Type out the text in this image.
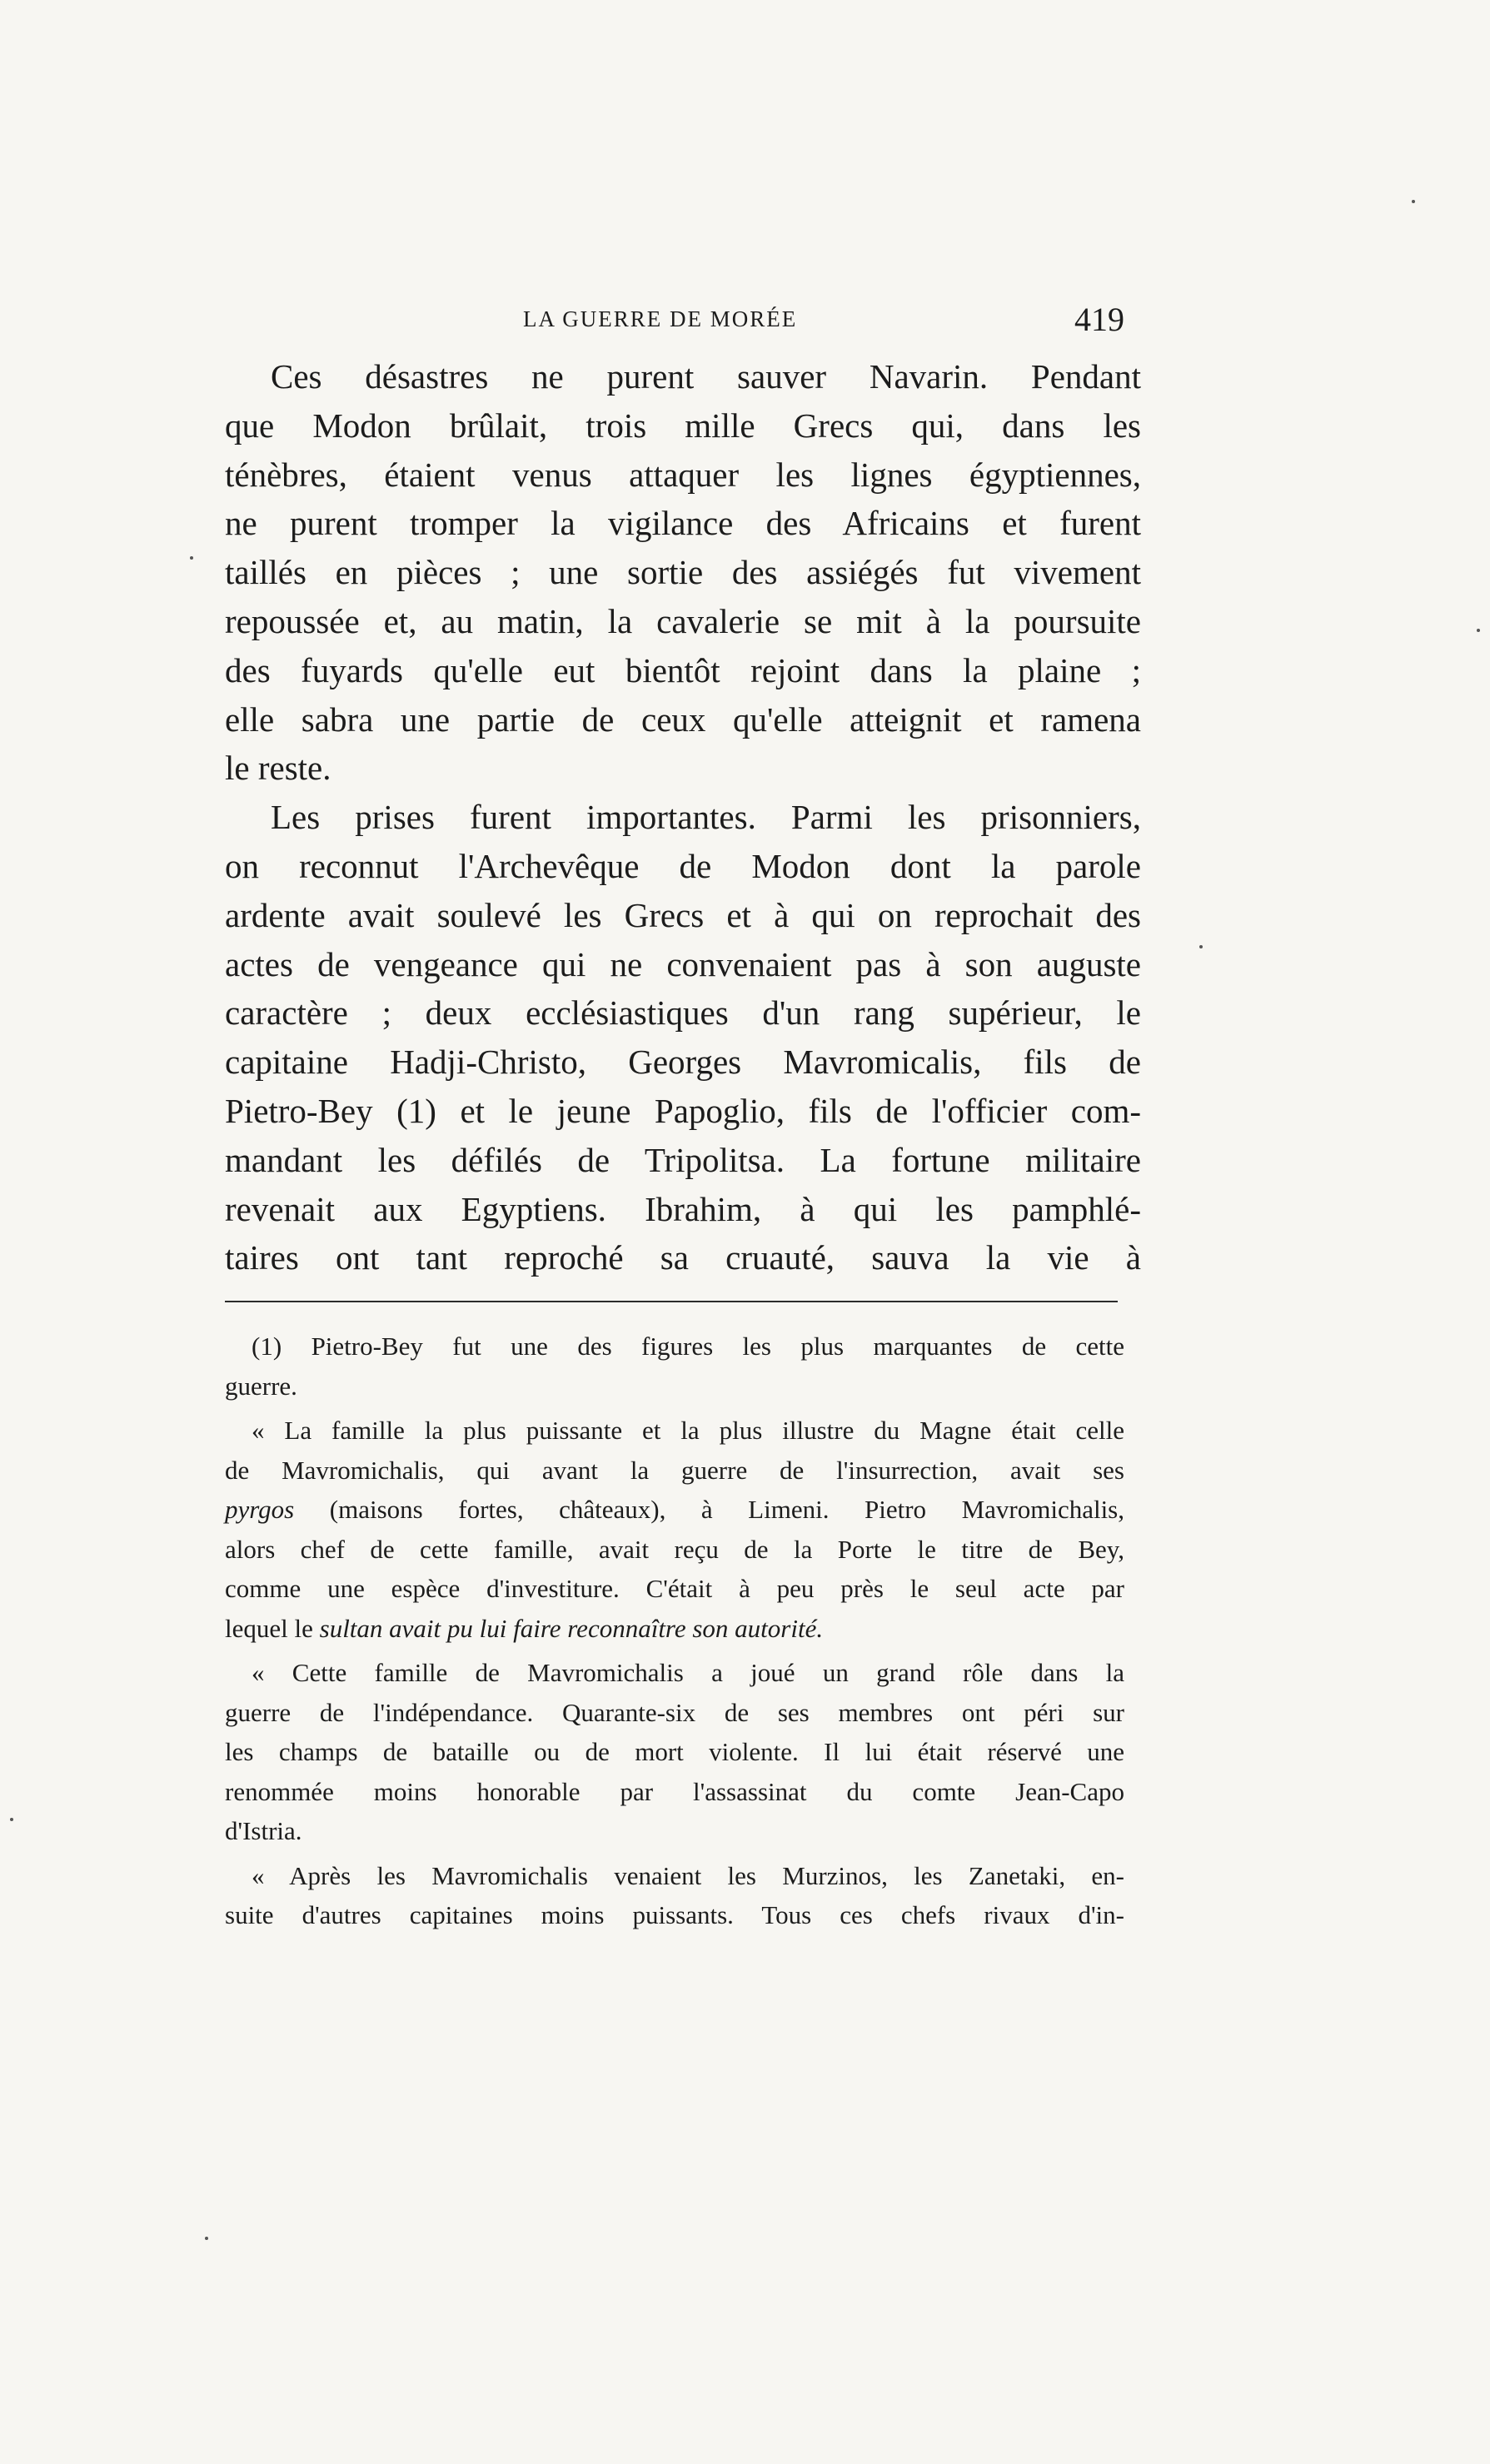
LA GUERRE DE MORÉE	419
Ces désastres ne purent sauver Navarin. Pendant
que Modon brûlait, trois mille Grecs qui, dans les
ténèbres, étaient venus attaquer les lignes égyptiennes,
ne purent tromper la vigilance des Africains et furent
taillés en pièces ; une sortie des assiégés fut vivement
repoussée et, au matin, la cavalerie se mit à la poursuite
des fuyards qu'elle eut bientôt rejoint dans la plaine ;
elle sabra une partie de ceux qu'elle atteignit et ramena
le reste.
Les prises furent importantes. Parmi les prisonniers,
on reconnut l'Archevêque de Modon dont la parole
ardente avait soulevé les Grecs et à qui on reprochait des
actes de vengeance qui ne convenaient pas à son auguste
caractère ; deux ecclésiastiques d'un rang supérieur, le
capitaine Hadji-Christo, Georges Mavromicalis, fils de
Pietro-Bey (1) et le jeune Papoglio, fils de l'officier com-
mandant les défilés de Tripolitsa. La fortune militaire
revenait aux Egyptiens. Ibrahim, à qui les pamphlé-
taires ont tant reproché sa cruauté, sauva la vie à
(1) Pietro-Bey fut une des figures les plus marquantes de cette
guerre.
« La famille la plus puissante et la plus illustre du Magne était celle
de Mavromichalis, qui avant la guerre de l'insurrection, avait ses
pyrgos (maisons fortes, châteaux), à Limeni. Pietro Mavromichalis,
alors chef de cette famille, avait reçu de la Porte le titre de Bey,
comme une espèce d'investiture. C'était à peu près le seul acte par
lequel le sultan avait pu lui faire reconnaître son autorité.
« Cette famille de Mavromichalis a joué un grand rôle dans la
guerre de l'indépendance. Quarante-six de ses membres ont péri sur
les champs de bataille ou de mort violente. Il lui était réservé une
renommée moins honorable par l'assassinat du comte Jean-Capo
d'Istria.
« Après les Mavromichalis venaient les Murzinos, les Zanetaki, en-
suite d'autres capitaines moins puissants. Tous ces chefs rivaux d'in-
